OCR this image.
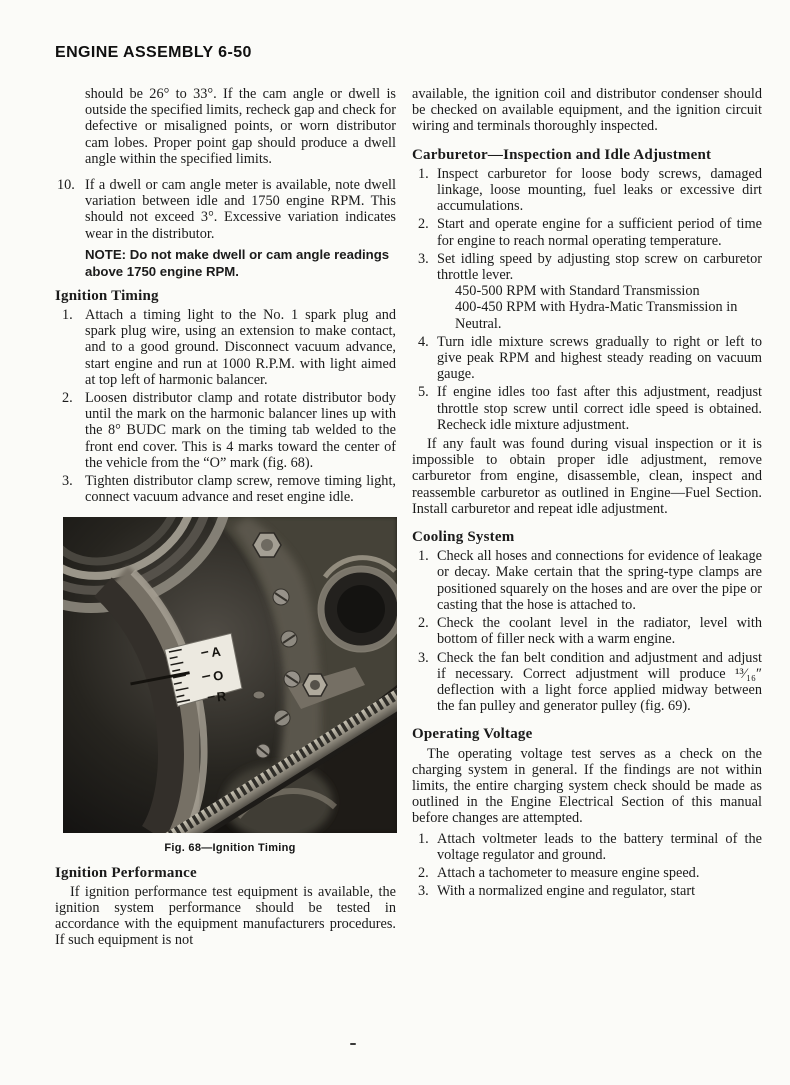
ENGINE ASSEMBLY 6-50
should be 26° to 33°. If the cam angle or dwell is outside the specified limits, recheck gap and check for defective or misaligned points, or worn distributor cam lobes. Proper point gap should produce a dwell angle within the specified limits.
10. If a dwell or cam angle meter is available, note dwell variation between idle and 1750 engine RPM. This should not exceed 3°. Excessive variation indicates wear in the distributor.
NOTE: Do not make dwell or cam angle readings above 1750 engine RPM.
Ignition Timing
1. Attach a timing light to the No. 1 spark plug and spark plug wire, using an extension to make contact, and to a good ground. Disconnect vacuum advance, start engine and run at 1000 R.P.M. with light aimed at top left of harmonic balancer.
2. Loosen distributor clamp and rotate distributor body until the mark on the harmonic balancer lines up with the 8° BUDC mark on the timing tab welded to the front end cover. This is 4 marks toward the center of the vehicle from the “O” mark (fig. 68).
3. Tighten distributor clamp screw, remove timing light, connect vacuum advance and reset engine idle.
A
O
R
Fig. 68—Ignition Timing
Ignition Performance
If ignition performance test equipment is available, the ignition system performance should be tested in accordance with the equipment manufacturers procedures. If such equipment is not
available, the ignition coil and distributor condenser should be checked on available equipment, and the ignition circuit wiring and terminals thoroughly inspected.
Carburetor—Inspection and Idle Adjustment
1. Inspect carburetor for loose body screws, damaged linkage, loose mounting, fuel leaks or excessive dirt accumulations.
2. Start and operate engine for a sufficient period of time for engine to reach normal operating temperature.
3. Set idling speed by adjusting stop screw on carburetor throttle lever.
450-500 RPM with Standard Transmission
400-450 RPM with Hydra-Matic Transmission in Neutral.
4. Turn idle mixture screws gradually to right or left to give peak RPM and highest steady reading on vacuum gauge.
5. If engine idles too fast after this adjustment, readjust throttle stop screw until correct idle speed is obtained. Recheck idle mixture adjustment.
If any fault was found during visual inspection or it is impossible to obtain proper idle adjustment, remove carburetor from engine, disassemble, clean, inspect and reassemble carburetor as outlined in Engine—Fuel Section. Install carburetor and repeat idle adjustment.
Cooling System
1. Check all hoses and connections for evidence of leakage or decay. Make certain that the spring-type clamps are positioned squarely on the hoses and are over the pipe or casting that the hose is attached to.
2. Check the coolant level in the radiator, level with bottom of filler neck with a warm engine.
3. Check the fan belt condition and adjustment and adjust if necessary. Correct adjustment will produce ¹³⁄₁₆″ deflection with a light force applied midway between the fan pulley and generator pulley (fig. 69).
Operating Voltage
The operating voltage test serves as a check on the charging system in general. If the findings are not within limits, the entire charging system check should be made as outlined in the Engine Electrical Section of this manual before changes are attempted.
1. Attach voltmeter leads to the battery terminal of the voltage regulator and ground.
2. Attach a tachometer to measure engine speed.
3. With a normalized engine and regulator, start
